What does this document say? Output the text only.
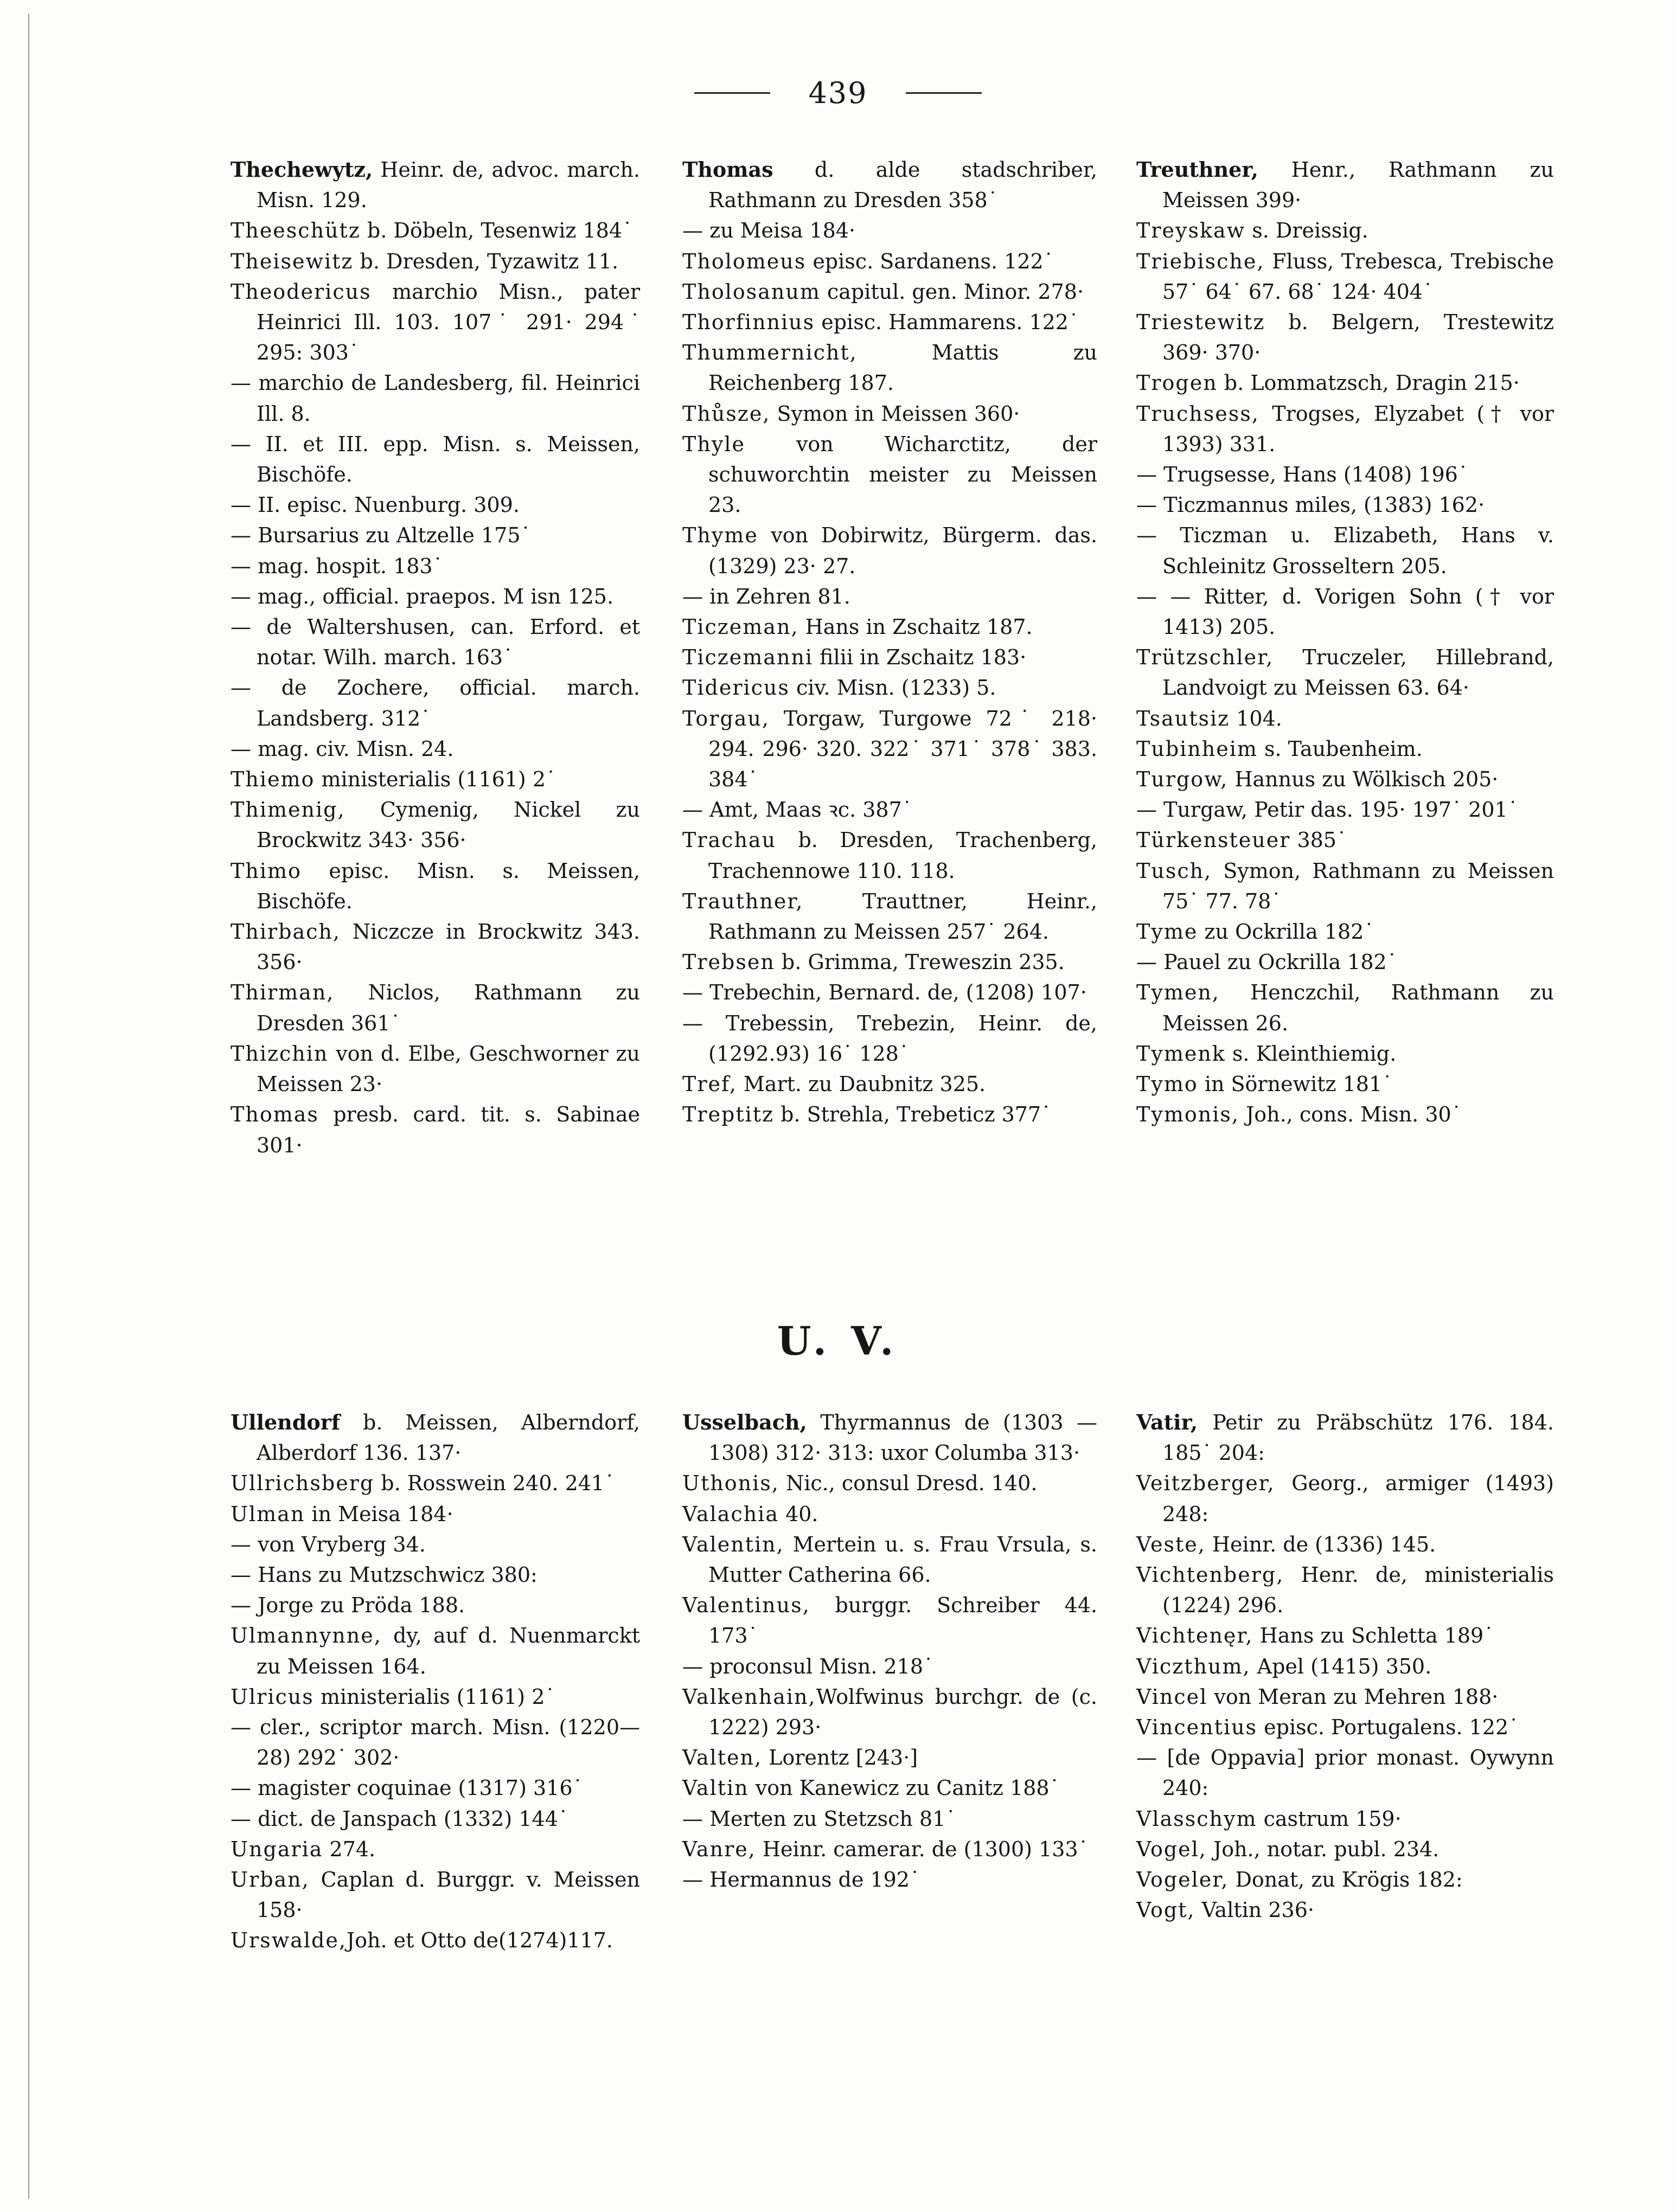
439
Thechewytz, Heinr. de, advoc. march. Misn. 129.
Theeschütz b. Döbeln, Tesenwiz 184˙
Theisewitz b. Dresden, Tyzawitz 11.
Theodericus marchio Misn., pater Heinrici Ill. 103. 107˙ 291· 294˙ 295: 303˙
— marchio de Landesberg, fil. Heinrici Ill. 8.
— II. et III. epp. Misn. s. Meissen, Bischöfe.
— II. episc. Nuenburg. 309.
— Bursarius zu Altzelle 175˙
— mag. hospit. 183˙
— mag., official. praepos. M isn 125.
— de Waltershusen, can. Erford. et notar. Wilh. march. 163˙
— de Zochere, official. march. Landsberg. 312˙
— mag. civ. Misn. 24.
Thiemo ministerialis (1161) 2˙
Thimenig, Cymenig, Nickel zu Brockwitz 343· 356·
Thimo episc. Misn. s. Meissen, Bischöfe.
Thirbach, Niczcze in Brockwitz 343. 356·
Thirman, Niclos, Rathmann zu Dresden 361˙
Thizchin von d. Elbe, Geschworner zu Meissen 23·
Thomas presb. card. tit. s. Sabinae 301·
Thomas d. alde stadschriber, Rathmann zu Dresden 358˙
— zu Meisa 184·
Tholomeus episc. Sardanens. 122˙
Tholosanum capitul. gen. Minor. 278·
Thorfinnius episc. Hammarens. 122˙
Thummernicht, Mattis zu Reichenberg 187.
Thůsze, Symon in Meissen 360·
Thyle von Wicharctitz, der schuworchtin meister zu Meissen 23.
Thyme von Dobirwitz, Bürgerm. das. (1329) 23· 27.
— in Zehren 81.
Ticzeman, Hans in Zschaitz 187.
Ticzemanni filii in Zschaitz 183·
Tidericus civ. Misn. (1233) 5.
Torgau, Torgaw, Turgowe 72˙ 218· 294. 296· 320. 322˙ 371˙ 378˙ 383. 384˙
— Amt, Maas ꝛc. 387˙
Trachau b. Dresden, Trachenberg, Trachennowe 110. 118.
Trauthner, Trauttner, Heinr., Rathmann zu Meissen 257˙ 264.
Trebsen b. Grimma, Treweszin 235.
— Trebechin, Bernard. de, (1208) 107·
— Trebessin, Trebezin, Heinr. de, (1292.93) 16˙ 128˙
Tref, Mart. zu Daubnitz 325.
Treptitz b. Strehla, Trebeticz 377˙
Treuthner, Henr., Rathmann zu Meissen 399·
Treyskaw s. Dreissig.
Triebische, Fluss, Trebesca, Trebische 57˙ 64˙ 67. 68˙ 124· 404˙
Triestewitz b. Belgern, Trestewitz 369· 370·
Trogen b. Lommatzsch, Dragin 215·
Truchsess, Trogses, Elyzabet († vor 1393) 331.
— Trugsesse, Hans (1408) 196˙
— Ticzmannus miles, (1383) 162·
— Ticzman u. Elizabeth, Hans v. Schleinitz Grosseltern 205.
— — Ritter, d. Vorigen Sohn († vor 1413) 205.
Trützschler, Truczeler, Hillebrand, Landvoigt zu Meissen 63. 64·
Tsautsiz 104.
Tubinheim s. Taubenheim.
Turgow, Hannus zu Wölkisch 205·
— Turgaw, Petir das. 195· 197˙ 201˙
Türkensteuer 385˙
Tusch, Symon, Rathmann zu Meissen 75˙ 77. 78˙
Tyme zu Ockrilla 182˙
— Pauel zu Ockrilla 182˙
Tymen, Henczchil, Rathmann zu Meissen 26.
Tymenk s. Kleinthiemig.
Tymo in Sörnewitz 181˙
Tymonis, Joh., cons. Misn. 30˙
U. V.
Ullendorf b. Meissen, Alberndorf, Alberdorf 136. 137·
Ullrichsberg b. Rosswein 240. 241˙
Ulman in Meisa 184·
— von Vryberg 34.
— Hans zu Mutzschwicz 380:
— Jorge zu Pröda 188.
Ulmannynne, dy, auf d. Nuenmarckt zu Meissen 164.
Ulricus ministerialis (1161) 2˙
— cler., scriptor march. Misn. (1220—28) 292˙ 302·
— magister coquinae (1317) 316˙
— dict. de Janspach (1332) 144˙
Ungaria 274.
Urban, Caplan d. Burggr. v. Meissen 158·
Urswalde,Joh. et Otto de(1274)117.
Usselbach, Thyrmannus de (1303 —1308) 312· 313: uxor Columba 313·
Uthonis, Nic., consul Dresd. 140.
Valachia 40.
Valentin, Mertein u. s. Frau Vrsula, s. Mutter Catherina 66.
Valentinus, burggr. Schreiber 44. 173˙
— proconsul Misn. 218˙
Valkenhain,Wolfwinus burchgr. de (c. 1222) 293·
Valten, Lorentz [243·]
Valtin von Kanewicz zu Canitz 188˙
— Merten zu Stetzsch 81˙
Vanre, Heinr. camerar. de (1300) 133˙
— Hermannus de 192˙
Vatir, Petir zu Präbschütz 176. 184. 185˙ 204:
Veitzberger, Georg., armiger (1493) 248:
Veste, Heinr. de (1336) 145.
Vichtenberg, Henr. de, ministerialis (1224) 296.
Vichtenęr, Hans zu Schletta 189˙
Viczthum, Apel (1415) 350.
Vincel von Meran zu Mehren 188·
Vincentius episc. Portugalens. 122˙
— [de Oppavia] prior monast. Oywynn 240:
Vlasschym castrum 159·
Vogel, Joh., notar. publ. 234.
Vogeler, Donat, zu Krögis 182:
Vogt, Valtin 236·
